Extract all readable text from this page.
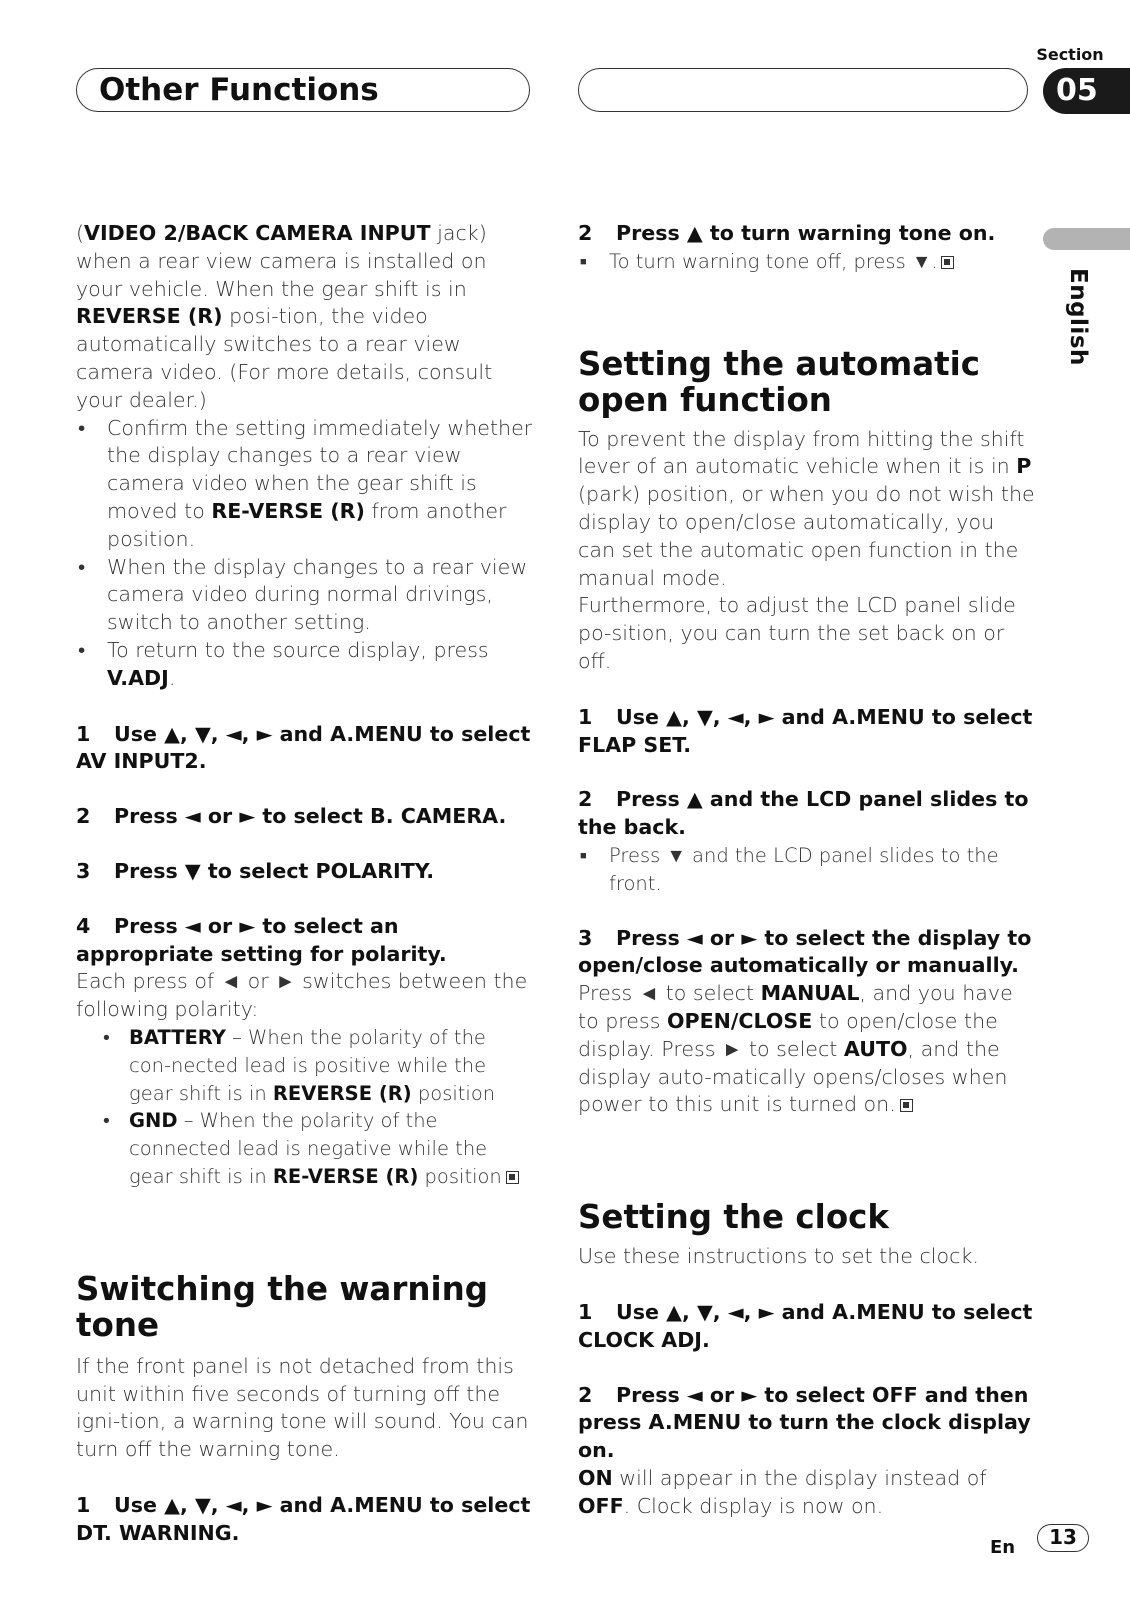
Other Functions
Section
05
English

(VIDEO 2/BACK CAMERA INPUT jack) when a rear view camera is installed on your vehicle. When the gear shift is in REVERSE (R) posi-tion, the video automatically switches to a rear view camera video. (For more details, consult your dealer.)

• Confirm the setting immediately whether the display changes to a rear view camera video when the gear shift is moved to RE-VERSE (R) from another position.
• When the display changes to a rear view camera video during normal drivings, switch to another setting.
• To return to the source display, press V.ADJ.

1 Use ▲, ▼, ◄, ► and A.MENU to select AV INPUT2.

2 Press ◄ or ► to select B. CAMERA.

3 Press ▼ to select POLARITY.

4 Press ◄ or ► to select an appropriate setting for polarity.

Each press of ◄ or ► switches between the following polarity:

• BATTERY – When the polarity of the con-nected lead is positive while the gear shift is in REVERSE (R) position
• GND – When the polarity of the connected lead is negative while the gear shift is in RE-VERSE (R) position

Switching the warning tone

If the front panel is not detached from this unit within five seconds of turning off the igni-tion, a warning tone will sound. You can turn off the warning tone.

1 Use ▲, ▼, ◄, ► and A.MENU to select DT. WARNING.

2 Press ▲ to turn warning tone on.

■ To turn warning tone off, press ▼.

Setting the automatic open function

To prevent the display from hitting the shift lever of an automatic vehicle when it is in P (park) position, or when you do not wish the display to open/close automatically, you can set the automatic open function in the manual mode.

Furthermore, to adjust the LCD panel slide po-sition, you can turn the set back on or off.

1 Use ▲, ▼, ◄, ► and A.MENU to select FLAP SET.

2 Press ▲ and the LCD panel slides to the back.

■ Press ▼ and the LCD panel slides to the front.

3 Press ◄ or ► to select the display to open/close automatically or manually.

Press ◄ to select MANUAL, and you have to press OPEN/CLOSE to open/close the display. Press ► to select AUTO, and the display auto-matically opens/closes when power to this unit is turned on.

Setting the clock

Use these instructions to set the clock.

1 Use ▲, ▼, ◄, ► and A.MENU to select CLOCK ADJ.

2 Press ◄ or ► to select OFF and then press A.MENU to turn the clock display on.

ON will appear in the display instead of OFF. Clock display is now on.

En	13
